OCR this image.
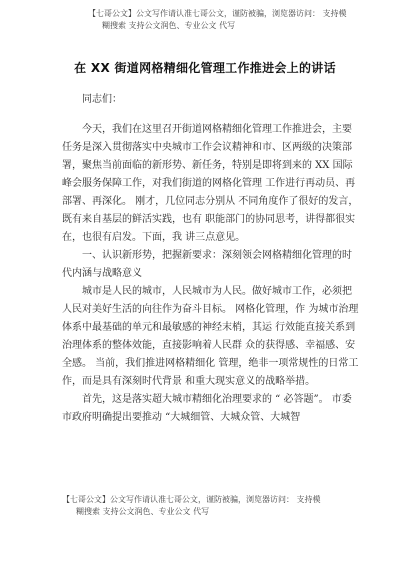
【七哥公文】公文写作请认准七哥公文，谨防被骗，浏览器访问： 支持模
糊搜索 支持公文润色、专业公文 代写
在 XX 街道网格精细化管理工作推进会上的讲话

同志们：

今天，我们在这里召开街道网格精细化管理工作推进会，主要任务是深入贯彻落实中央城市工作会议精神和市、区两级的决策部署，聚焦当前面临的新形势、新任务，特别是即将到来的 XX 国际峰会服务保障工作，对我们街道的网格化管理 工作进行再动员、再部署、再深化。 刚才，几位同志分别从 不同角度作了很好的发言，既有来自基层的鲜活实践，也有 职能部门的协同思考，讲得都很实在，也很有启发。下面，我 讲三点意见。

一、认识新形势，把握新要求：深刻领会网格精细化管理的时代内涵与战略意义

城市是人民的城市，人民城市为人民。做好城市工作，必须把人民对美好生活的向往作为奋斗目标。 网格化管理，作 为城市治理体系中最基础的单元和最敏感的神经末梢，其运 行效能直接关系到治理体系的整体效能，直接影响着人民群 众的获得感、幸福感、安全感。 当前，我们推进网格精细化 管理，绝非一项常规性的日常工作，而是具有深刻时代背景 和重大现实意义的战略举措。

首先，这是落实超大城市精细化治理要求的 “ 必答题”。 市委市政府明确提出要推动 “大城细管、大城众管、大城智

【七哥公文】公文写作请认准七哥公文，谨防被骗，浏览器访问： 支持模
糊搜索 支持公文润色、专业公文 代写
